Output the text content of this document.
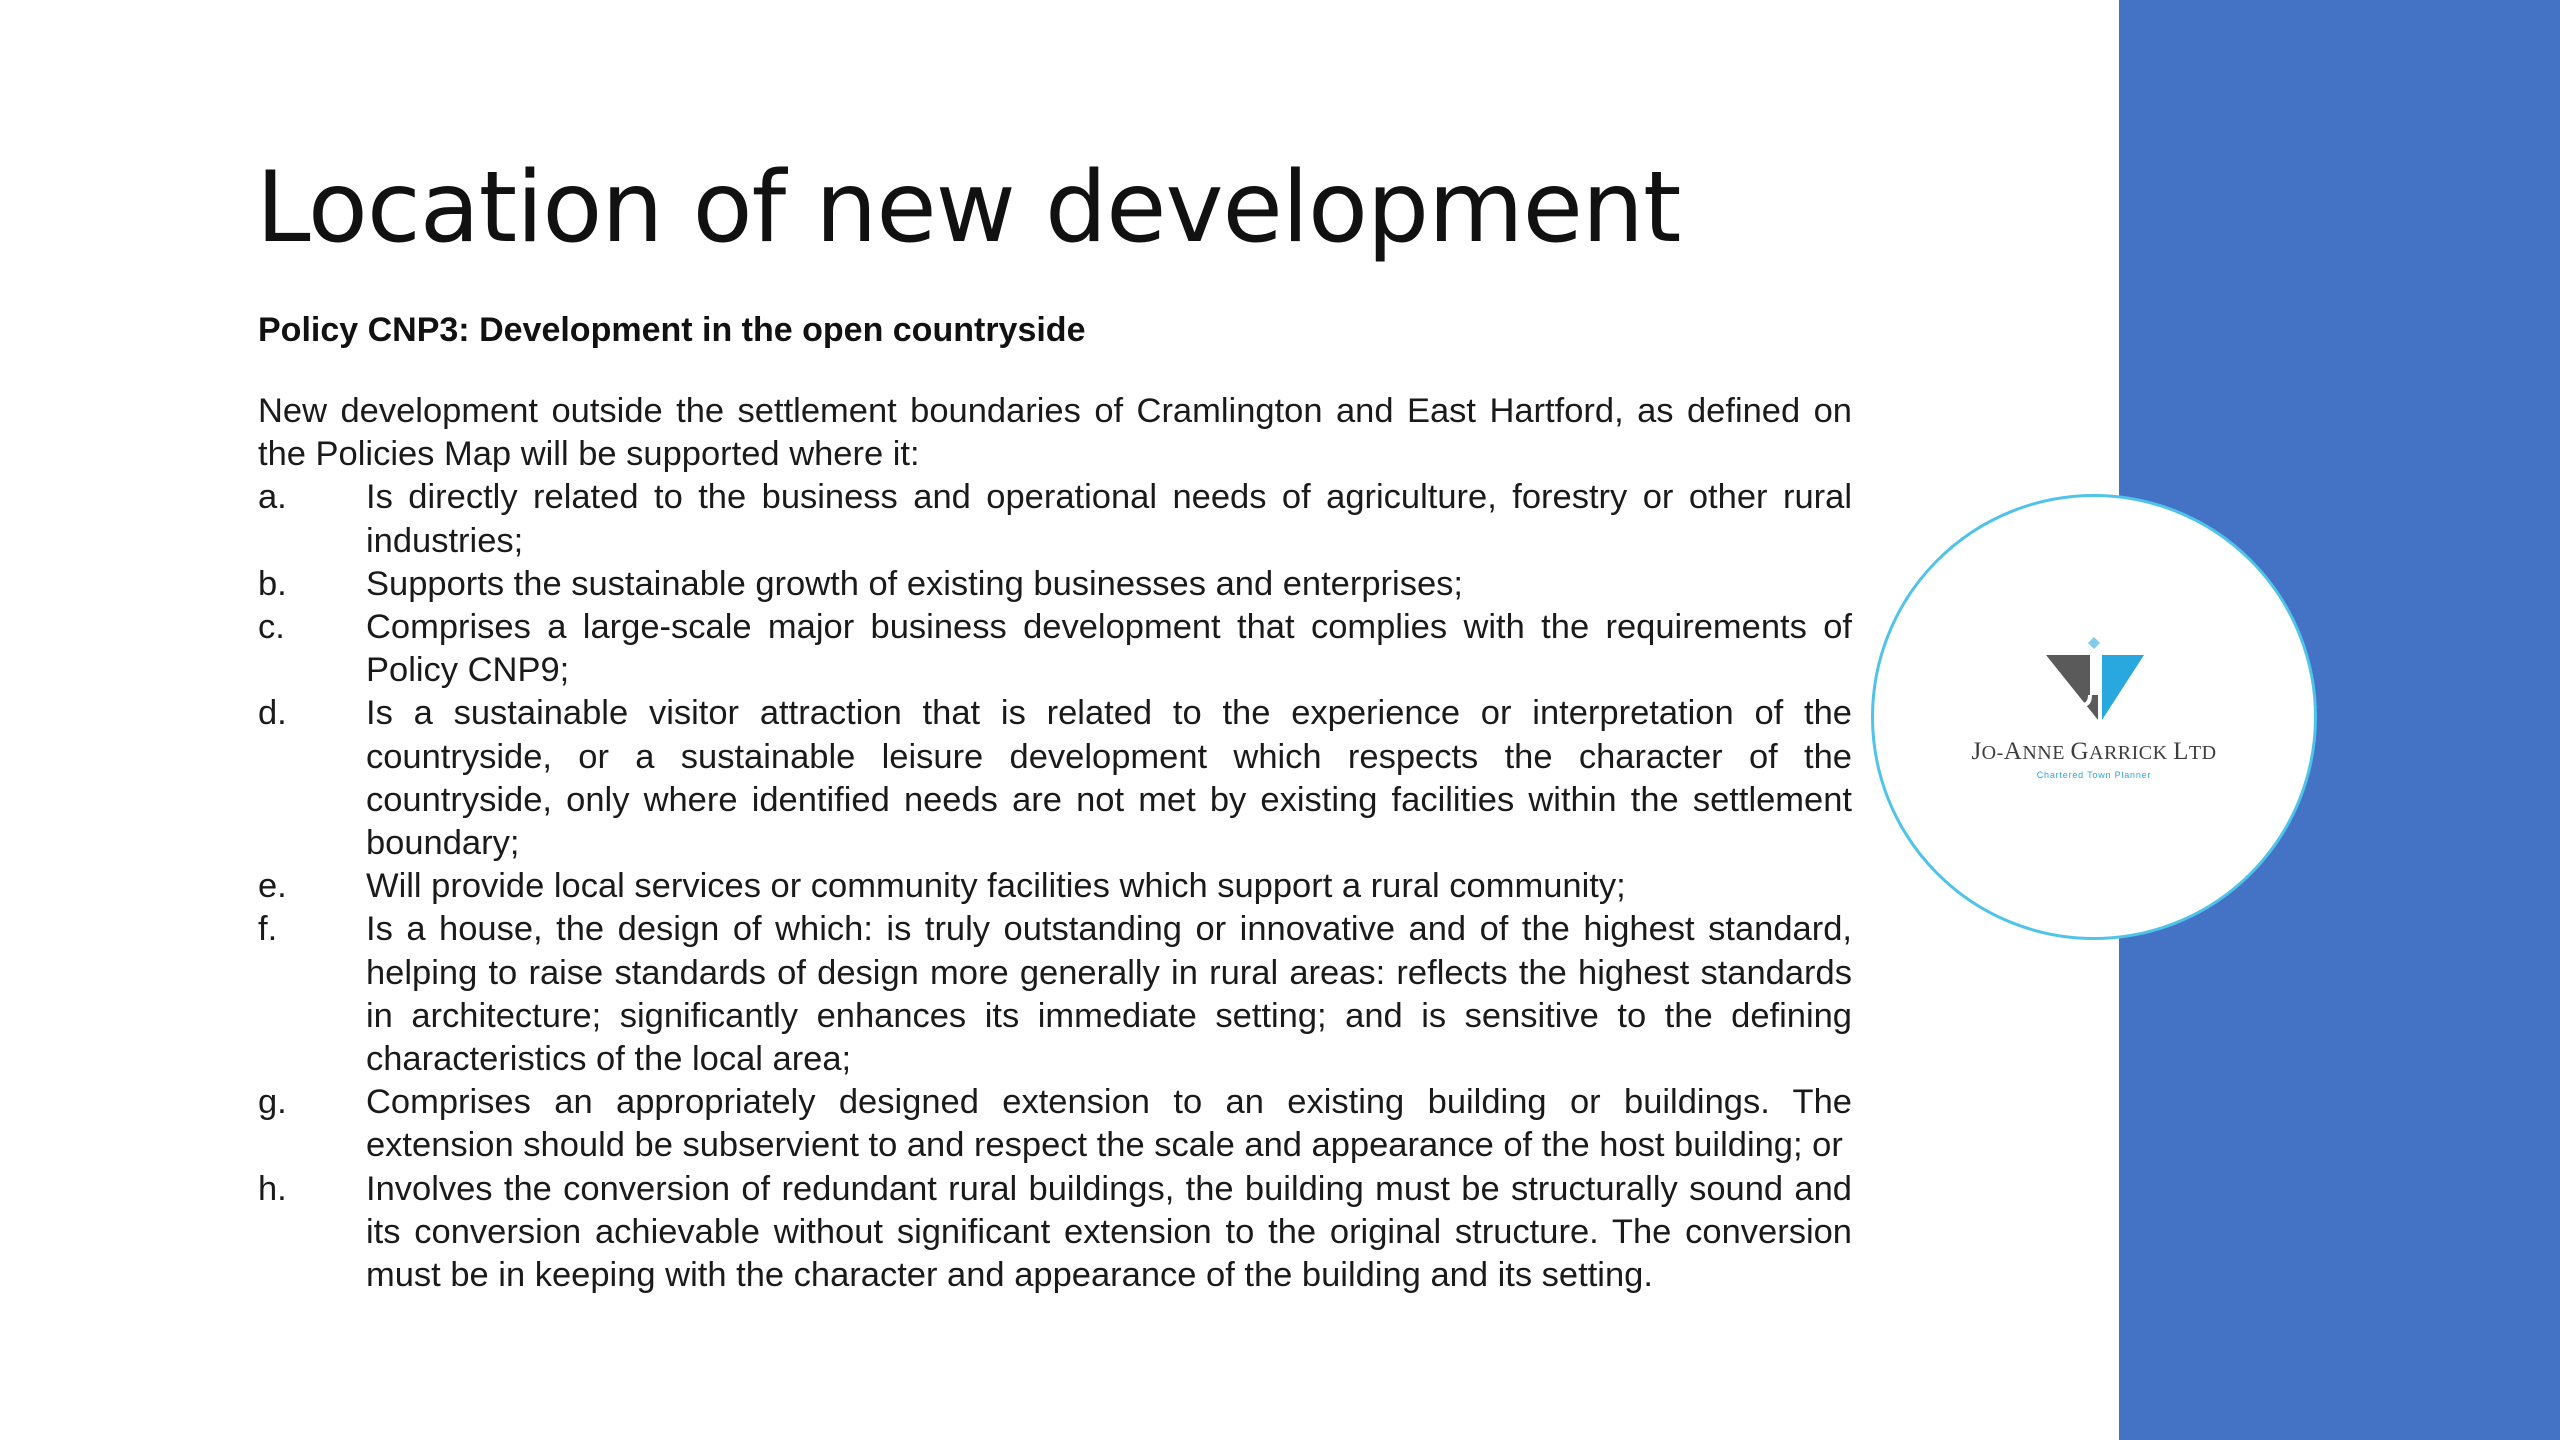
Location of new development
Policy CNP3: Development in the open countryside

New development outside the settlement boundaries of Cramlington and East Hartford, as defined on the Policies Map will be supported where it:

a.	Is directly related to the business and operational needs of agriculture, forestry or other rural industries;
b.	Supports the sustainable growth of existing businesses and enterprises;
c.	Comprises a large-scale major business development that complies with the requirements of Policy CNP9;
d.	Is a sustainable visitor attraction that is related to the experience or interpretation of the countryside, or a sustainable leisure development which respects the character of the countryside, only where identified needs are not met by existing facilities within the settlement boundary;
e.	Will provide local services or community facilities which support a rural community;
f.	Is a house, the design of which: is truly outstanding or innovative and of the highest standard, helping to raise standards of design more generally in rural areas: reflects the highest standards in architecture; significantly enhances its immediate setting; and is sensitive to the defining characteristics of the local area;
g.	Comprises an appropriately designed extension to an existing building or buildings. The extension should be subservient to and respect the scale and appearance of the host building; or
h.	Involves the conversion of redundant rural buildings, the building must be structurally sound and its conversion achievable without significant extension to the original structure. The conversion must be in keeping with the character and appearance of the building and its setting.
JO-ANNE GARRICK LTD
Chartered Town Planner
